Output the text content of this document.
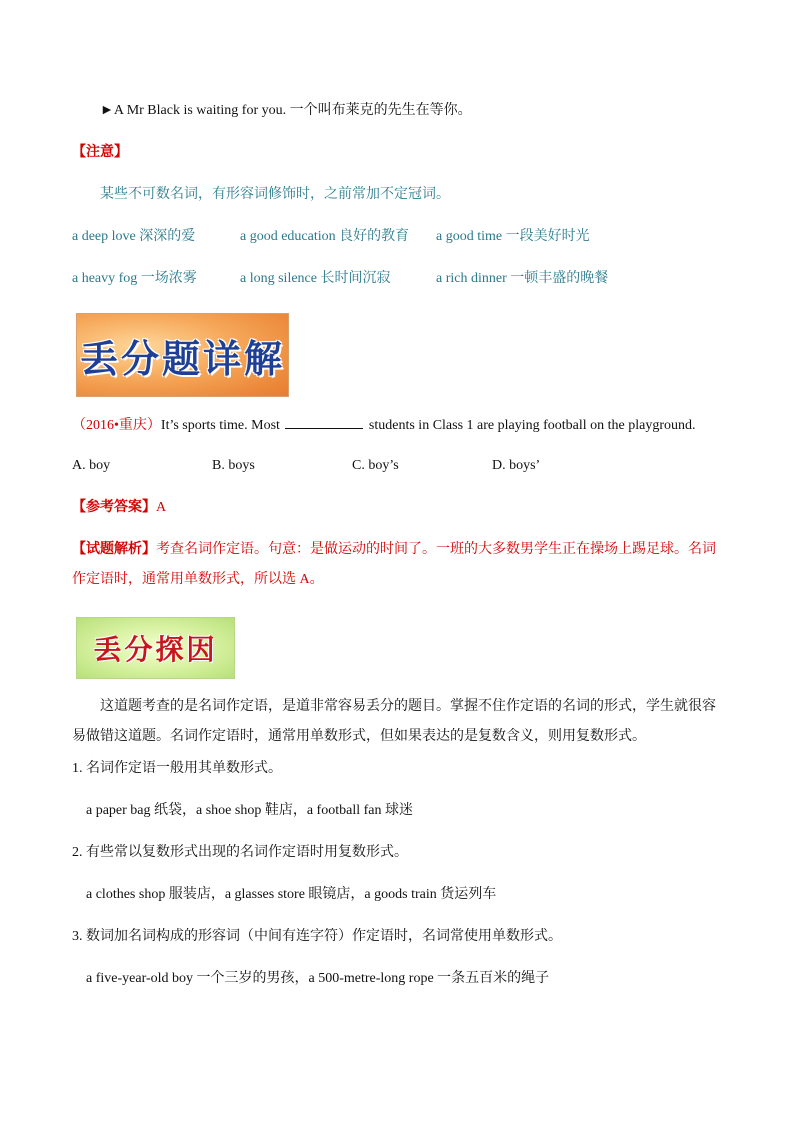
►A Mr Black is waiting for you. 一个叫布莱克的先生在等你。
【注意】
某些不可数名词，有形容词修饰时，之前常加不定冠词。
a deep love 深深的爱	a good education 良好的教育 a good time 一段美好时光
a heavy fog 一场浓雾	a long silence 长时间沉寂	a rich dinner 一顿丰盛的晚餐
丢分题详解
（2016•重庆）It’s sports time. Most	students in Class 1 are playing football on the playground.
A. boy	B. boys	C. boy’s	D. boys’
【参考答案】A
【试题解析】考查名词作定语。句意：是做运动的时间了。一班的大多数男学生正在操场上踢足球。名词
作定语时，通常用单数形式，所以选 A。
丢分探因
这道题考查的是名词作定语，是道非常容易丢分的题目。掌握不住作定语的名词的形式，学生就很容
易做错这道题。名词作定语时，通常用单数形式，但如果表达的是复数含义，则用复数形式。
1. 名词作定语一般用其单数形式。
a paper bag 纸袋，a shoe shop 鞋店，a football fan 球迷
2. 有些常以复数形式出现的名词作定语时用复数形式。
a clothes shop 服装店，a glasses store 眼镜店，a goods train 货运列车
3. 数词加名词构成的形容词（中间有连字符）作定语时，名词常使用单数形式。
a five-year-old boy 一个三岁的男孩，a 500-metre-long rope 一条五百米的绳子
